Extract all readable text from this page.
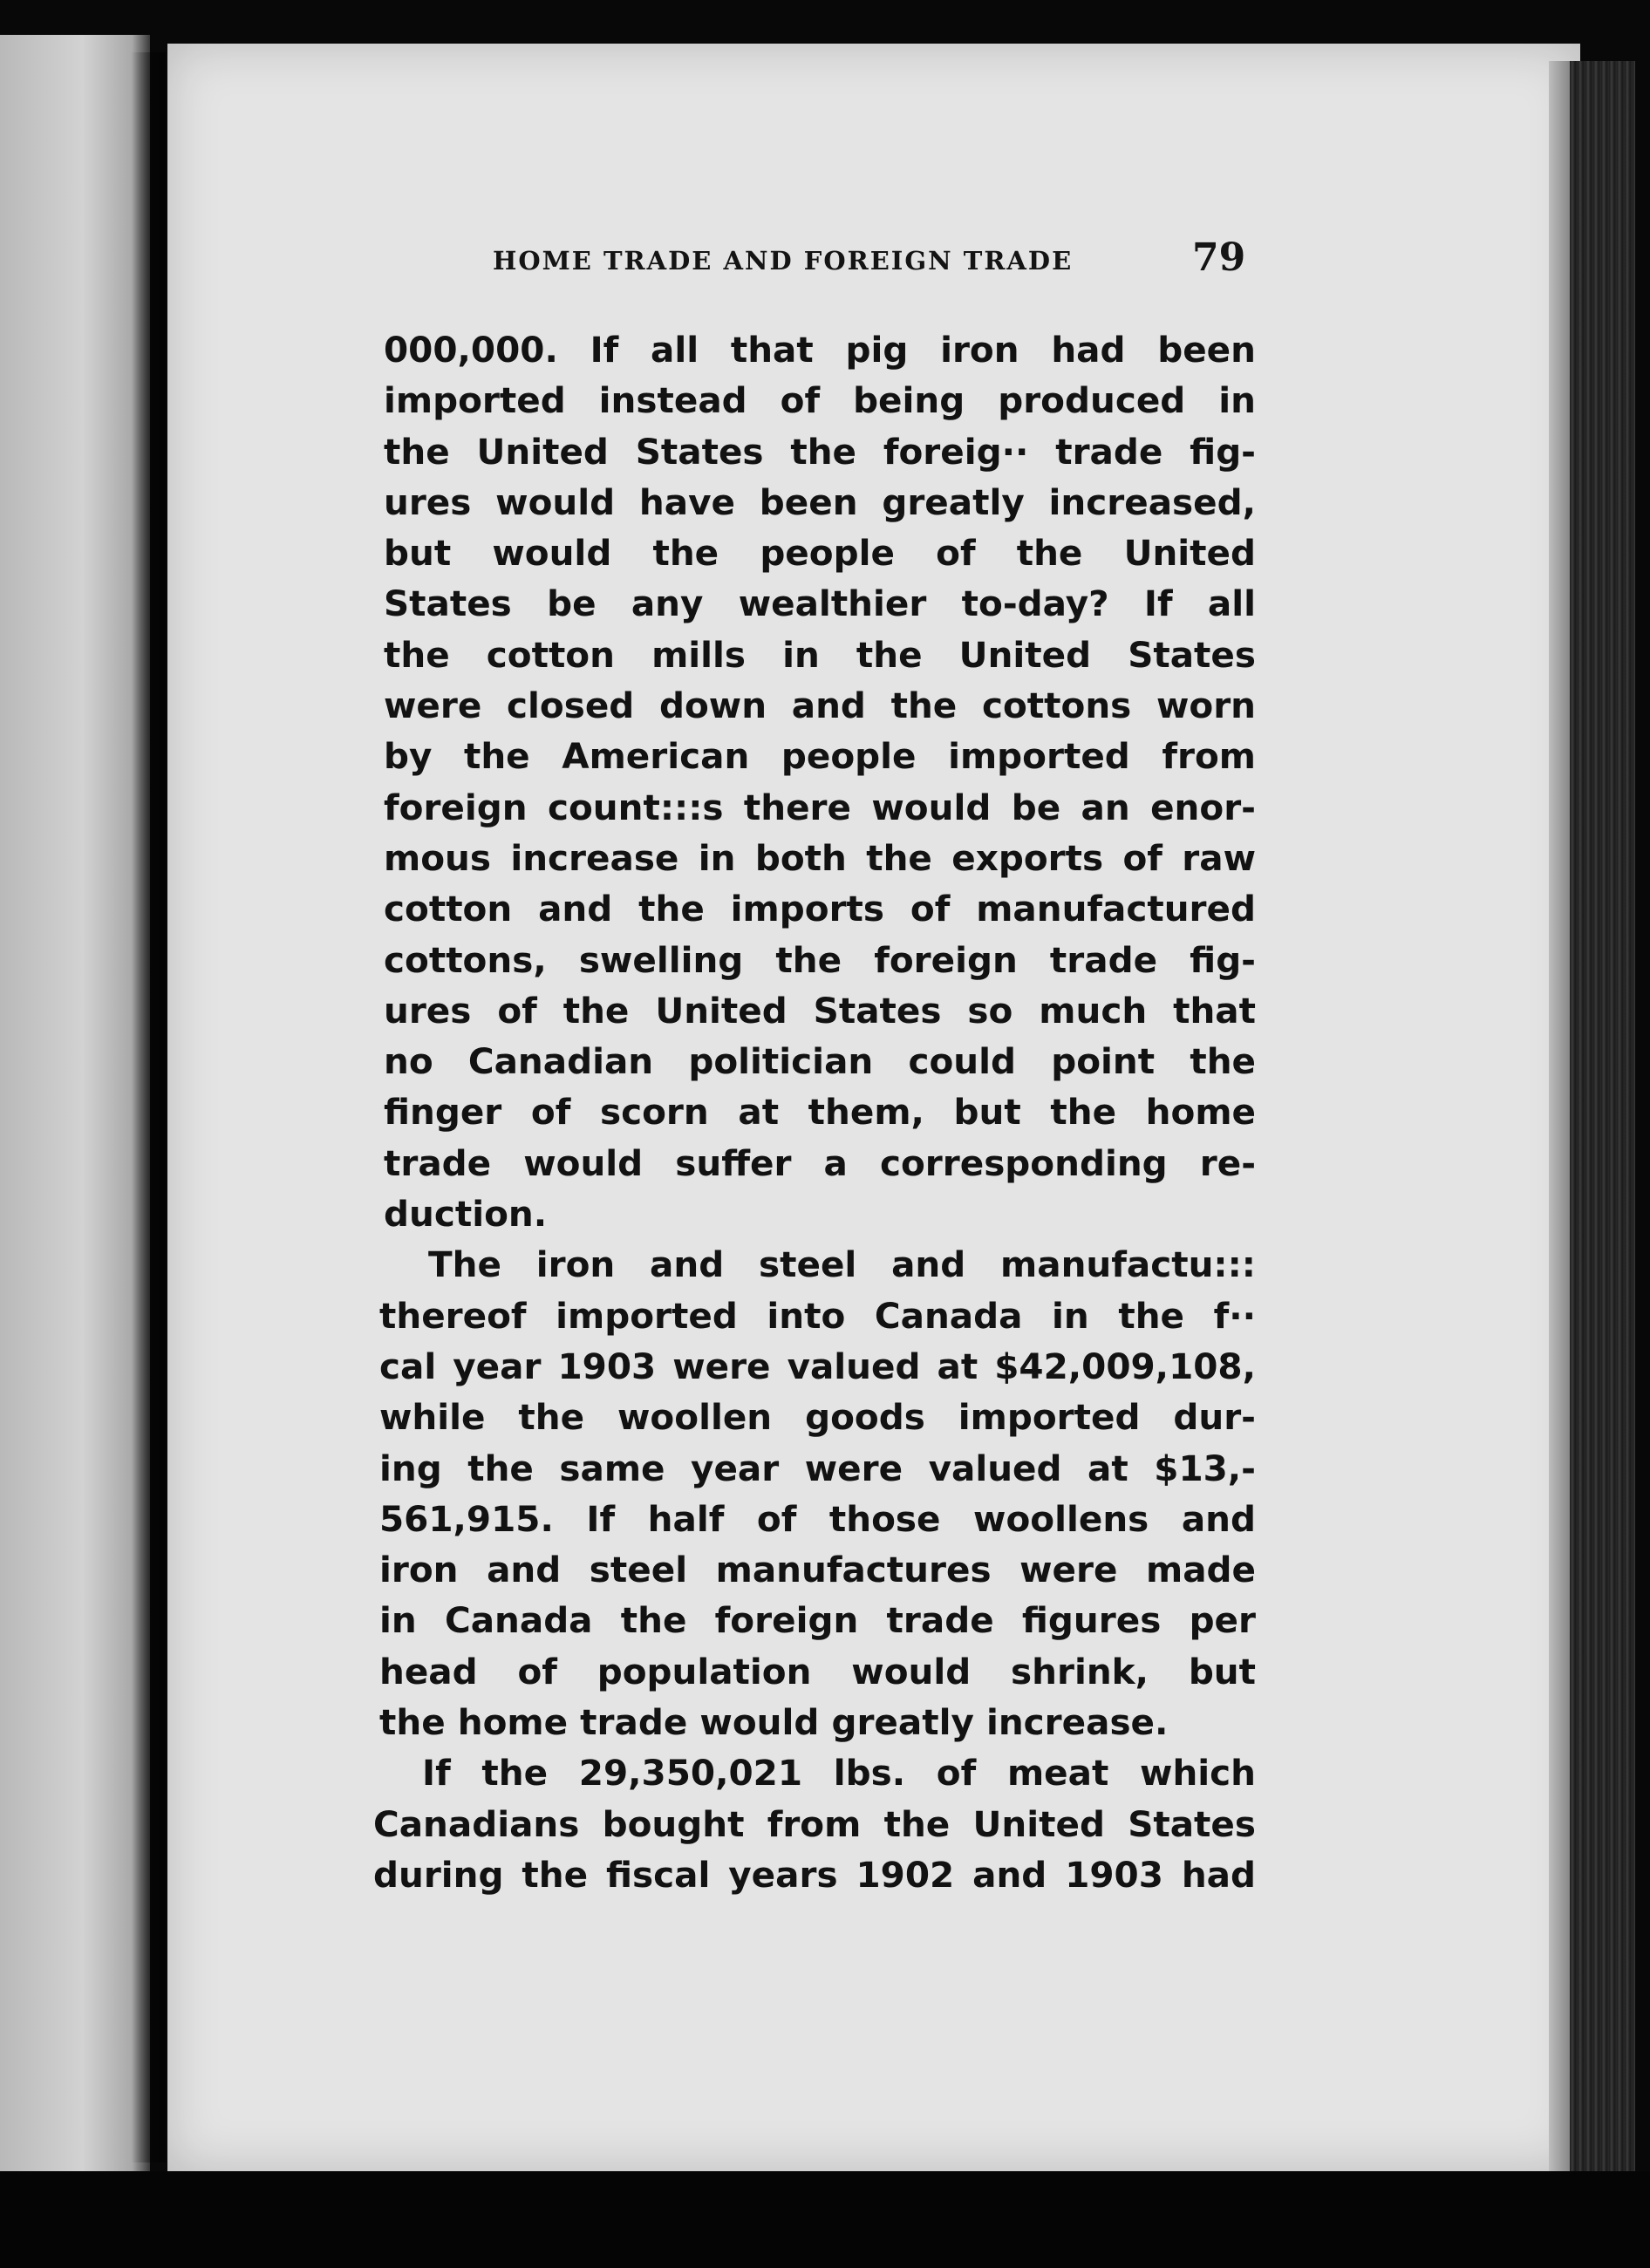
HOME TRADE AND FOREIGN TRADE	79
000,000. If all that pig iron had been
imported instead of being produced in
the United States the foreig·· trade fig-
ures would have been greatly increased,
but would the people of the United
States be any wealthier to-day? If all
the cotton mills in the United States
were closed down and the cottons worn
by the American people imported from
foreign count:::s there would be an enor-
mous increase in both the exports of raw
cotton and the imports of manufactured
cottons, swelling the foreign trade fig-
ures of the United States so much that
no Canadian politician could point the
finger of scorn at them, but the home
trade would suffer a corresponding re-
duction.
The iron and steel and manufactu:::
thereof imported into Canada in the f··
cal year 1903 were valued at $42,009,108,
while the woollen goods imported dur-
ing the same year were valued at $13,-
561,915. If half of those woollens and
iron and steel manufactures were made
in Canada the foreign trade figures per
head of population would shrink, but
the home trade would greatly increase.
If the 29,350,021 lbs. of meat which
Canadians bought from the United States
during the fiscal years 1902 and 1903 had
